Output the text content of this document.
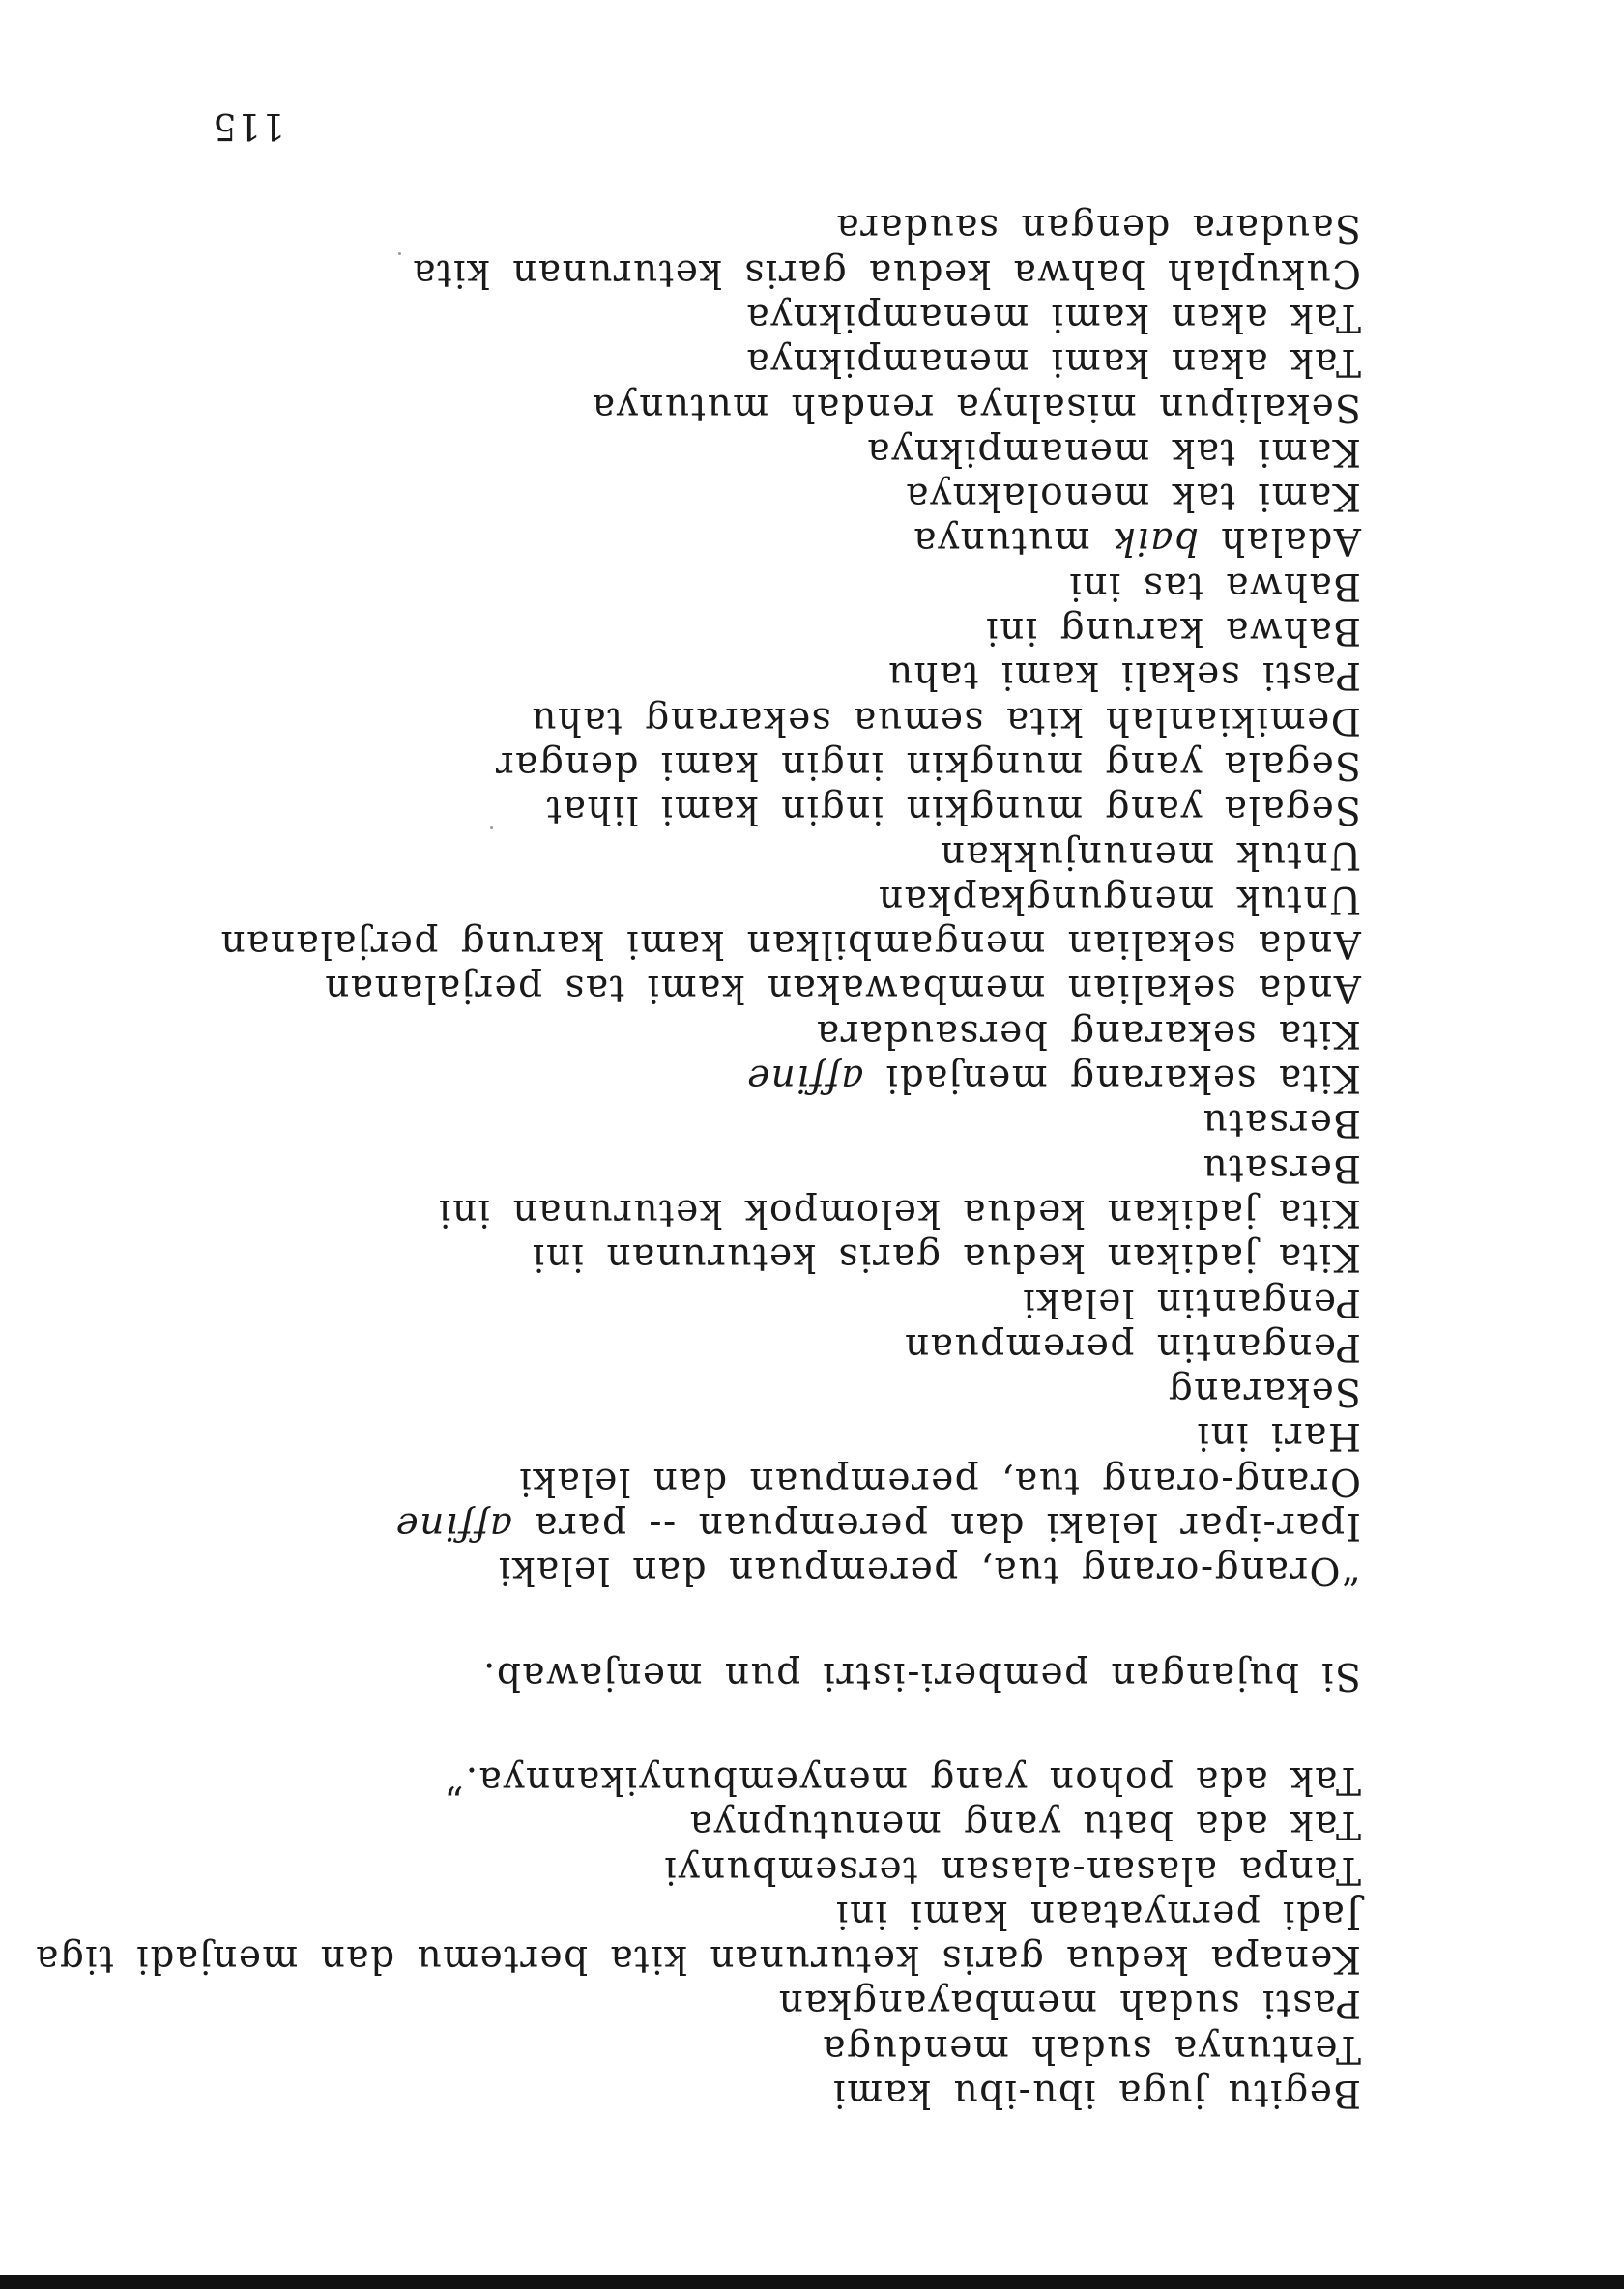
Begitu juga ibu-ibu kami
Tentunya sudah menduga
Pasti sudah membayangkan
Kenapa kedua garis keturunan kita bertemu dan menjadi tiga
Jadi pernyataan kami ini
Tanpa alasan-alasan tersembunyi
Tak ada batu yang menutupnya
Tak ada pohon yang menyembunyikannya.”
Si bujangan pemberi-istri pun menjawab.
“Orang-orang tua, perempuan dan lelaki
Ipar-ipar lelaki dan perempuan -- para affine
Orang-orang tua, perempuan dan lelaki
Hari ini
Sekarang
Pengantin perempuan
Pengantin lelaki
Kita jadikan kedua garis keturunan ini
Kita jadikan kedua kelompok keturunan ini
Bersatu
Bersatu
Kita sekarang menjadi affine
Kita sekarang bersaudara
Anda sekalian membawakan kami tas perjalanan
Anda sekalian mengambilkan kami karung perjalanan
Untuk mengungkapkan
Untuk menunjukkan
Segala yang mungkin ingin kami lihat
Segala yang mungkin ingin kami dengar
Demikianlah kita semua sekarang tahu
Pasti sekali kami tahu
Bahwa karung ini
Bahwa tas ini
Adalah baik mutunya
Kami tak menolaknya
Kami tak menampiknya
Sekalipun misalnya rendah mutunya
Tak akan kami menampiknya
Tak akan kami menampiknya
Cukuplah bahwa kedua garis keturunan kita
Saudara dengan saudara
115
